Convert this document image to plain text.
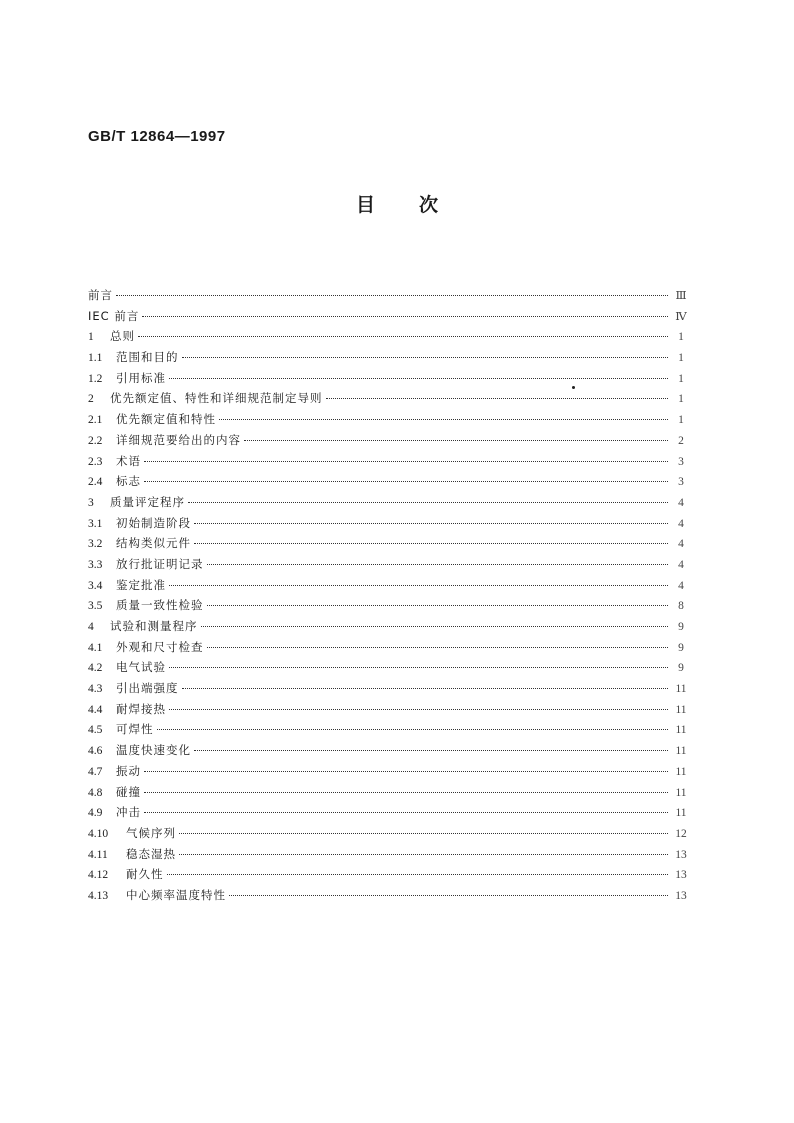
GB/T 12864—1997
目次
前言	Ⅲ
IEC 前言	Ⅳ
1	总则	1
1.1	范围和目的	1
1.2	引用标准	1
2	优先额定值、特性和详细规范制定导则	1
2.1	优先额定值和特性	1
2.2	详细规范要给出的内容	2
2.3	术语	3
2.4	标志	3
3	质量评定程序	4
3.1	初始制造阶段	4
3.2	结构类似元件	4
3.3	放行批证明记录	4
3.4	鉴定批准	4
3.5	质量一致性检验	8
4	试验和测量程序	9
4.1	外观和尺寸检查	9
4.2	电气试验	9
4.3	引出端强度	11
4.4	耐焊接热	11
4.5	可焊性	11
4.6	温度快速变化	11
4.7	振动	11
4.8	碰撞	11
4.9	冲击	11
4.10	气候序列	12
4.11	稳态湿热	13
4.12	耐久性	13
4.13	中心频率温度特性	13
